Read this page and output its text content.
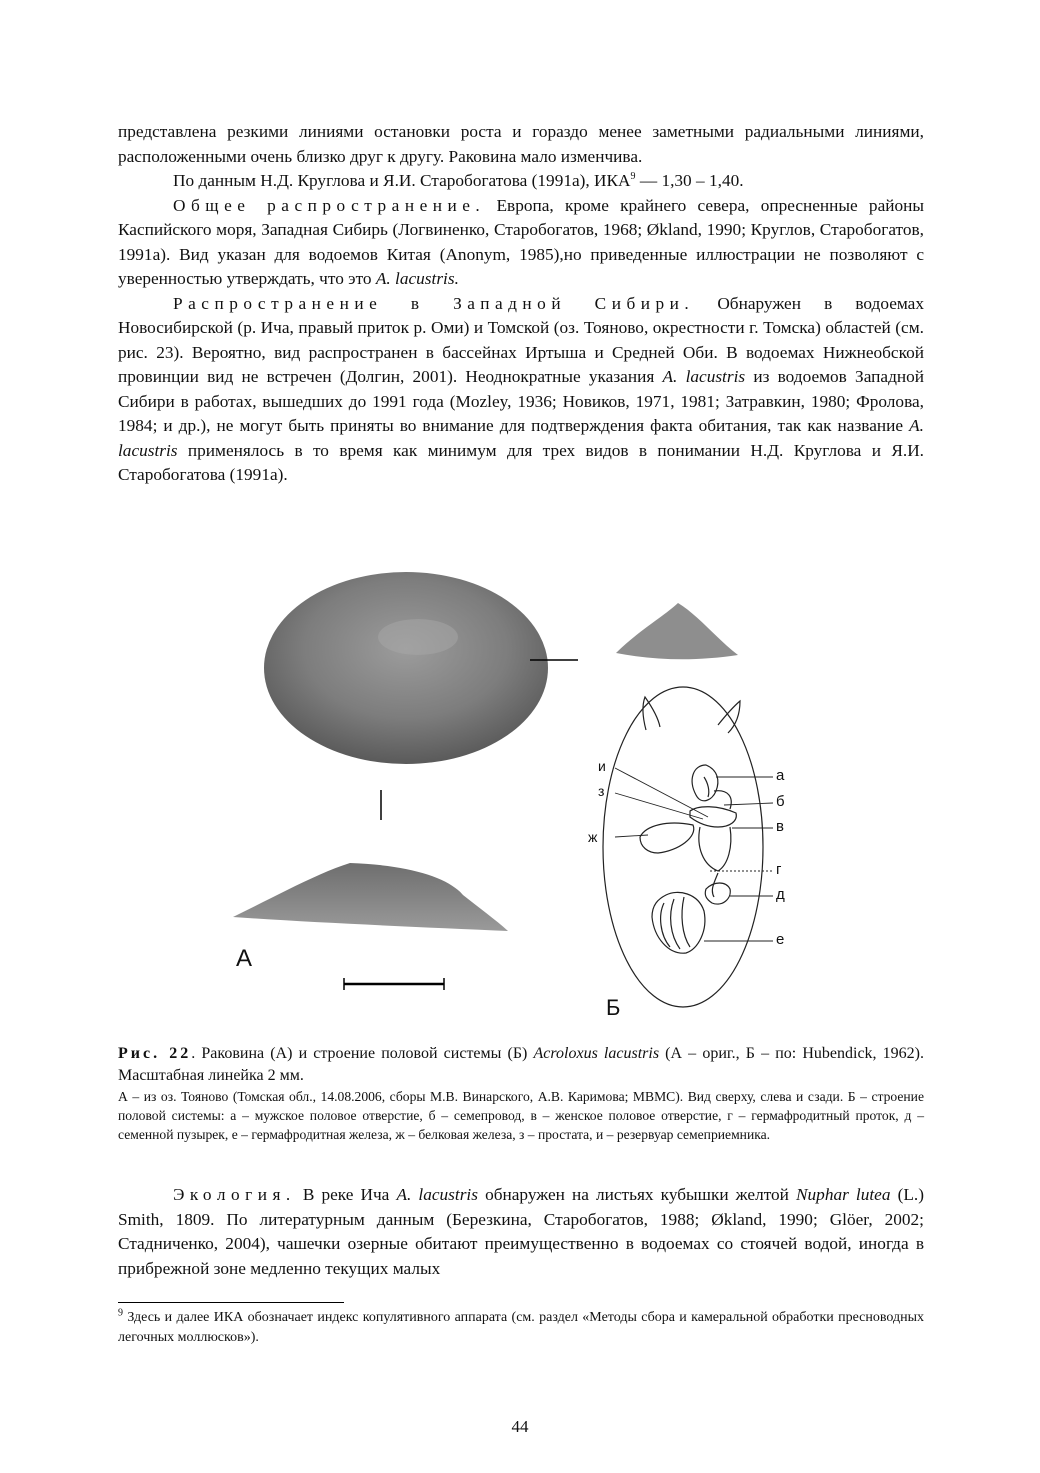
представлена резкими линиями остановки роста и гораздо менее заметными радиальными линиями, расположенными очень близко друг к другу. Раковина мало изменчива.

По данным Н.Д. Круглова и Я.И. Старобогатова (1991а), ИКА$^9$ — 1,30 – 1,40.

Общее распространение. Европа, кроме крайнего севера, опресненные районы Каспийского моря, Западная Сибирь (Логвиненко, Старобогатов, 1968; Økland, 1990; Круглов, Старобогатов, 1991а). Вид указан для водоемов Китая (Anonym, 1985),но приведенные иллюстрации не позволяют с уверенностью утверждать, что это A. lacustris.

Распространение в Западной Сибири. Обнаружен в водоемах Новосибирской (р. Ича, правый приток р. Оми) и Томской (оз. Тояново, окрестности г. Томска) областей (см. рис. 23). Вероятно, вид распространен в бассейнах Иртыша и Средней Оби. В водоемах Нижнеобской провинции вид не встречен (Долгин, 2001). Неоднократные указания A. lacustris из водоемов Западной Сибири в работах, вышедших до 1991 года (Mozley, 1936; Новиков, 1971, 1981; Затравкин, 1980; Фролова, 1984; и др.), не могут быть приняты во внимание для подтверждения факта обитания, так как название A. lacustris применялось в то время как минимум для трех видов в понимании Н.Д. Круглова и Я.И. Старобогатова (1991а).

А
Б
и
з
ж
а
б
в
г
д
е

Рис. 22. Раковина (А) и строение половой системы (Б) Acroloxus lacustris (А – ориг., Б – по: Hubendick, 1962). Масштабная линейка 2 мм.

А – из оз. Тояново (Томская обл., 14.08.2006, сборы М.В. Винарского, А.В. Каримова; МВМС). Вид сверху, слева и сзади. Б – строение половой системы: а – мужское половое отверстие, б – семепровод, в – женское половое отверстие, г – гермафродитный проток, д – семенной пузырек, е – гермафродитная железа, ж – белковая железа, з – простата, и – резервуар семеприемника.

Экология. В реке Ича A. lacustris обнаружен на листьях кубышки желтой Nuphar lutea (L.) Smith, 1809. По литературным данным (Березкина, Старобогатов, 1988; Økland, 1990; Glöer, 2002; Стадниченко, 2004), чашечки озерные обитают преимущественно в водоемах со стоячей водой, иногда в прибрежной зоне медленно текущих малых

$^9$ Здесь и далее ИКА обозначает индекс копулятивного аппарата (см. раздел «Методы сбора и камеральной обработки пресноводных легочных моллюсков»).
44
